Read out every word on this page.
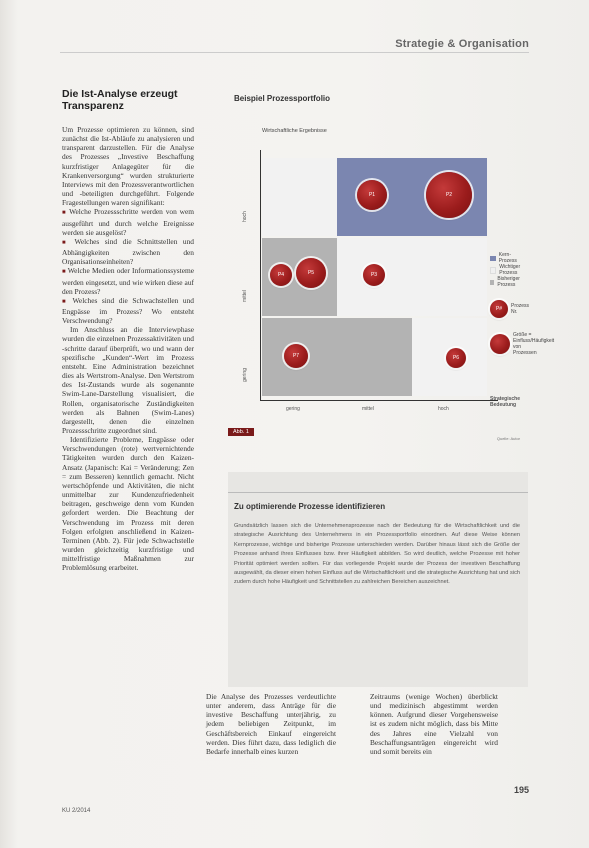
Strategie & Organisation
Die Ist-Analyse erzeugt Transparenz

Um Prozesse optimieren zu können, sind zunächst die Ist-Abläufe zu analysieren und transparent darzustellen. Für die Analyse des Prozesses „Investive Beschaffung kurzfristiger Anlagegüter für die Krankenversorgung“ wurden strukturierte Interviews mit den Prozessverantwortlichen und -beteiligten durchgeführt. Folgende Fragestellungen waren signifikant:

■ Welche Prozessschritte werden von wem ausgeführt und durch welche Ereignisse werden sie ausgelöst?
■ Welches sind die Schnittstellen und Abhängigkeiten zwischen den Organisationseinheiten?
■ Welche Medien oder Informationssysteme werden eingesetzt, und wie wirken diese auf den Prozess?
■ Welches sind die Schwachstellen und Engpässe im Prozess? Wo entsteht Verschwendung?

Im Anschluss an die Interviewphase wurden die einzelnen Prozessaktivitäten und -schritte darauf überprüft, wo und wann der spezifische „Kunden“-Wert im Prozess entsteht. Eine Administration bezeichnet dies als Wertstrom-Analyse. Den Wertstrom des Ist-Zustands wurde als sogenannte Swim-Lane-Darstellung visualisiert, die Rollen, organisatorische Zuständigkeiten werden als Bahnen (Swim-Lanes) dargestellt, denen die einzelnen Prozessschritte zugeordnet sind.

Identifizierte Probleme, Engpässe oder Verschwendungen (rote) wertvernichtende Tätigkeiten wurden durch den Kaizen-Ansatz (Japanisch: Kai = Veränderung; Zen = zum Besseren) kenntlich gemacht. Nicht wertschöpfende und Aktivitäten, die nicht unmittelbar zur Kundenzufriedenheit beitragen, geschweige denn vom Kunden gefordert werden. Die Beachtung der Verschwendung im Prozess mit deren Folgen erfolgten anschließend in Kaizen-Terminen (Abb. 2). Für jede Schwachstelle wurden gleichzeitig kurzfristige und mittelfristige Maßnahmen zur Problemlösung erarbeitet.

Beispiel Prozessportfolio
Wirtschaftliche Ergebnisse
P1	P2
P3
P4	P5
P6
P7
hoch
mittel
gering
gering	mittel	hoch
Strategische Bedeutung
Kern-Prozess
Wichtiger Prozess
Bisheriger Prozess
P#	Prozess Nr.
Größe = Einfluss/Häufigkeit von Prozessen
Abb. 1
Quelle: Autor
Zu optimierende Prozesse identifizieren
Grundsätzlich lassen sich die Unternehmensprozesse nach der Bedeutung für die Wirtschaftlichkeit und die strategische Ausrichtung des Unternehmens in ein Prozessportfolio einordnen. Auf diese Weise können Kernprozesse, wichtige und bisherige Prozesse unterschieden werden. Darüber hinaus lässt sich die Größe der Prozesse anhand ihres Einflusses bzw. ihrer Häufigkeit abbilden. So wird deutlich, welche Prozesse mit hoher Priorität optimiert werden sollten. Für das vorliegende Projekt wurde der Prozess der investiven Beschaffung ausgewählt, da dieser einen hohen Einfluss auf die Wirtschaftlichkeit und die strategische Ausrichtung hat und sich zudem durch hohe Häufigkeit und Schnittstellen zu zahlreichen Bereichen auszeichnet.
Die Analyse des Prozesses verdeutlichte unter anderem, dass Anträge für die investive Beschaffung unterjährig, zu jedem beliebigen Zeitpunkt, im Geschäftsbereich Einkauf eingereicht werden. Dies führt dazu, dass lediglich die Bedarfe innerhalb eines kurzen
Zeitraums (wenige Wochen) überblickt und medizinisch abgestimmt werden können. Aufgrund dieser Vorgehensweise ist es zudem nicht möglich, dass bis Mitte des Jahres eine Vielzahl von Beschaffungsanträgen eingereicht wird und somit bereits ein
KU 2/2014
195
